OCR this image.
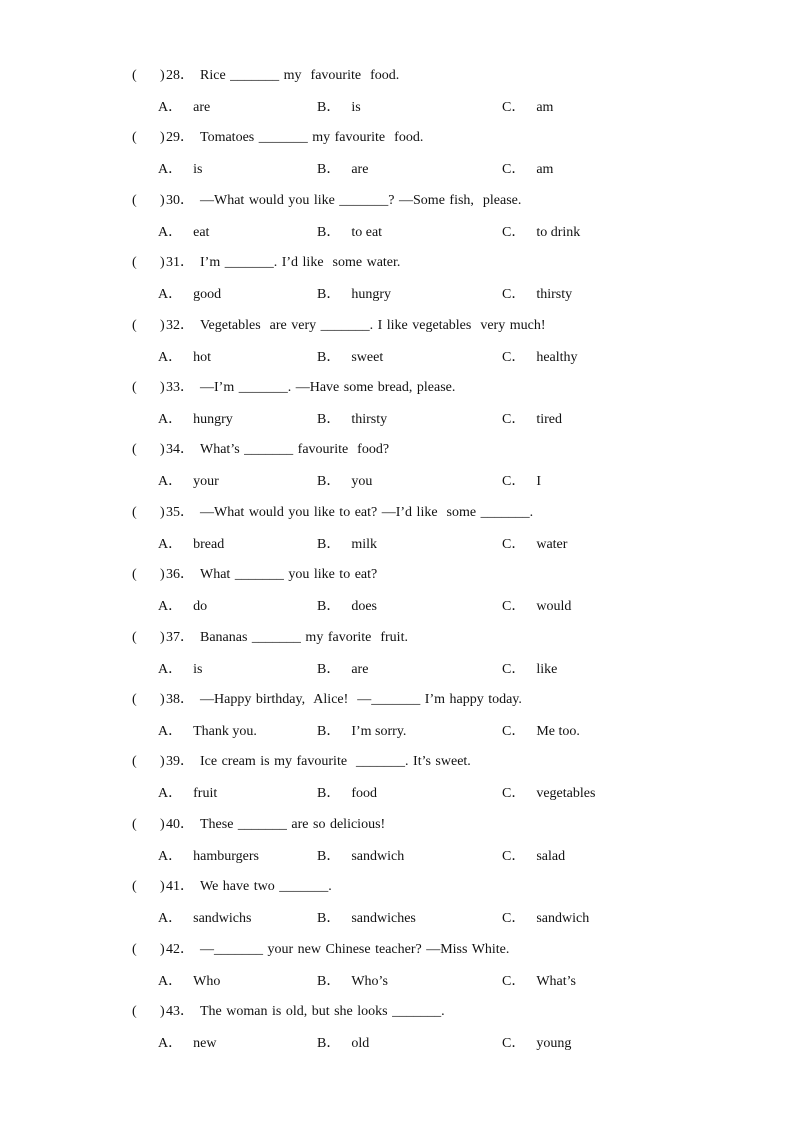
( ) 28． Rice _______ my  favourite  food.
A． are	B． is	C． am
( ) 29． Tomatoes _______ my favourite  food.
A． is	B． are	C． am
( ) 30． —What would you like _______? —Some fish,  please.
A． eat	B． to eat	C． to drink
( ) 31． I’m _______. I’d like  some water.
A． good	B． hungry	C． thirsty
( ) 32． Vegetables  are very _______. I like vegetables  very much!
A． hot	B． sweet	C． healthy
( ) 33． —I’m _______. —Have some bread, please.
A． hungry	B． thirsty	C． tired
( ) 34． What’s _______ favourite  food?
A． your	B． you	C． I
( ) 35． —What would you like to eat? —I’d like  some _______.
A． bread	B． milk	C． water
( ) 36． What _______ you like to eat?
A． do	B． does	C． would
( ) 37． Bananas _______ my favorite  fruit.
A． is	B． are	C． like
( ) 38． —Happy birthday,  Alice!  —_______ I’m happy today.
A． Thank you.	B． I’m sorry.	C． Me too.
( ) 39． Ice cream is my favourite  _______. It’s sweet.
A． fruit	B． food	C． vegetables
( ) 40． These _______ are so delicious!
A． hamburgers	B． sandwich	C． salad
( ) 41． We have two _______.
A． sandwichs	B． sandwiches	C． sandwich
( ) 42． —_______ your new Chinese teacher? —Miss White.
A． Who	B． Who’s	C． What’s
( ) 43． The woman is old, but she looks _______.
A． new	B． old	C． young
